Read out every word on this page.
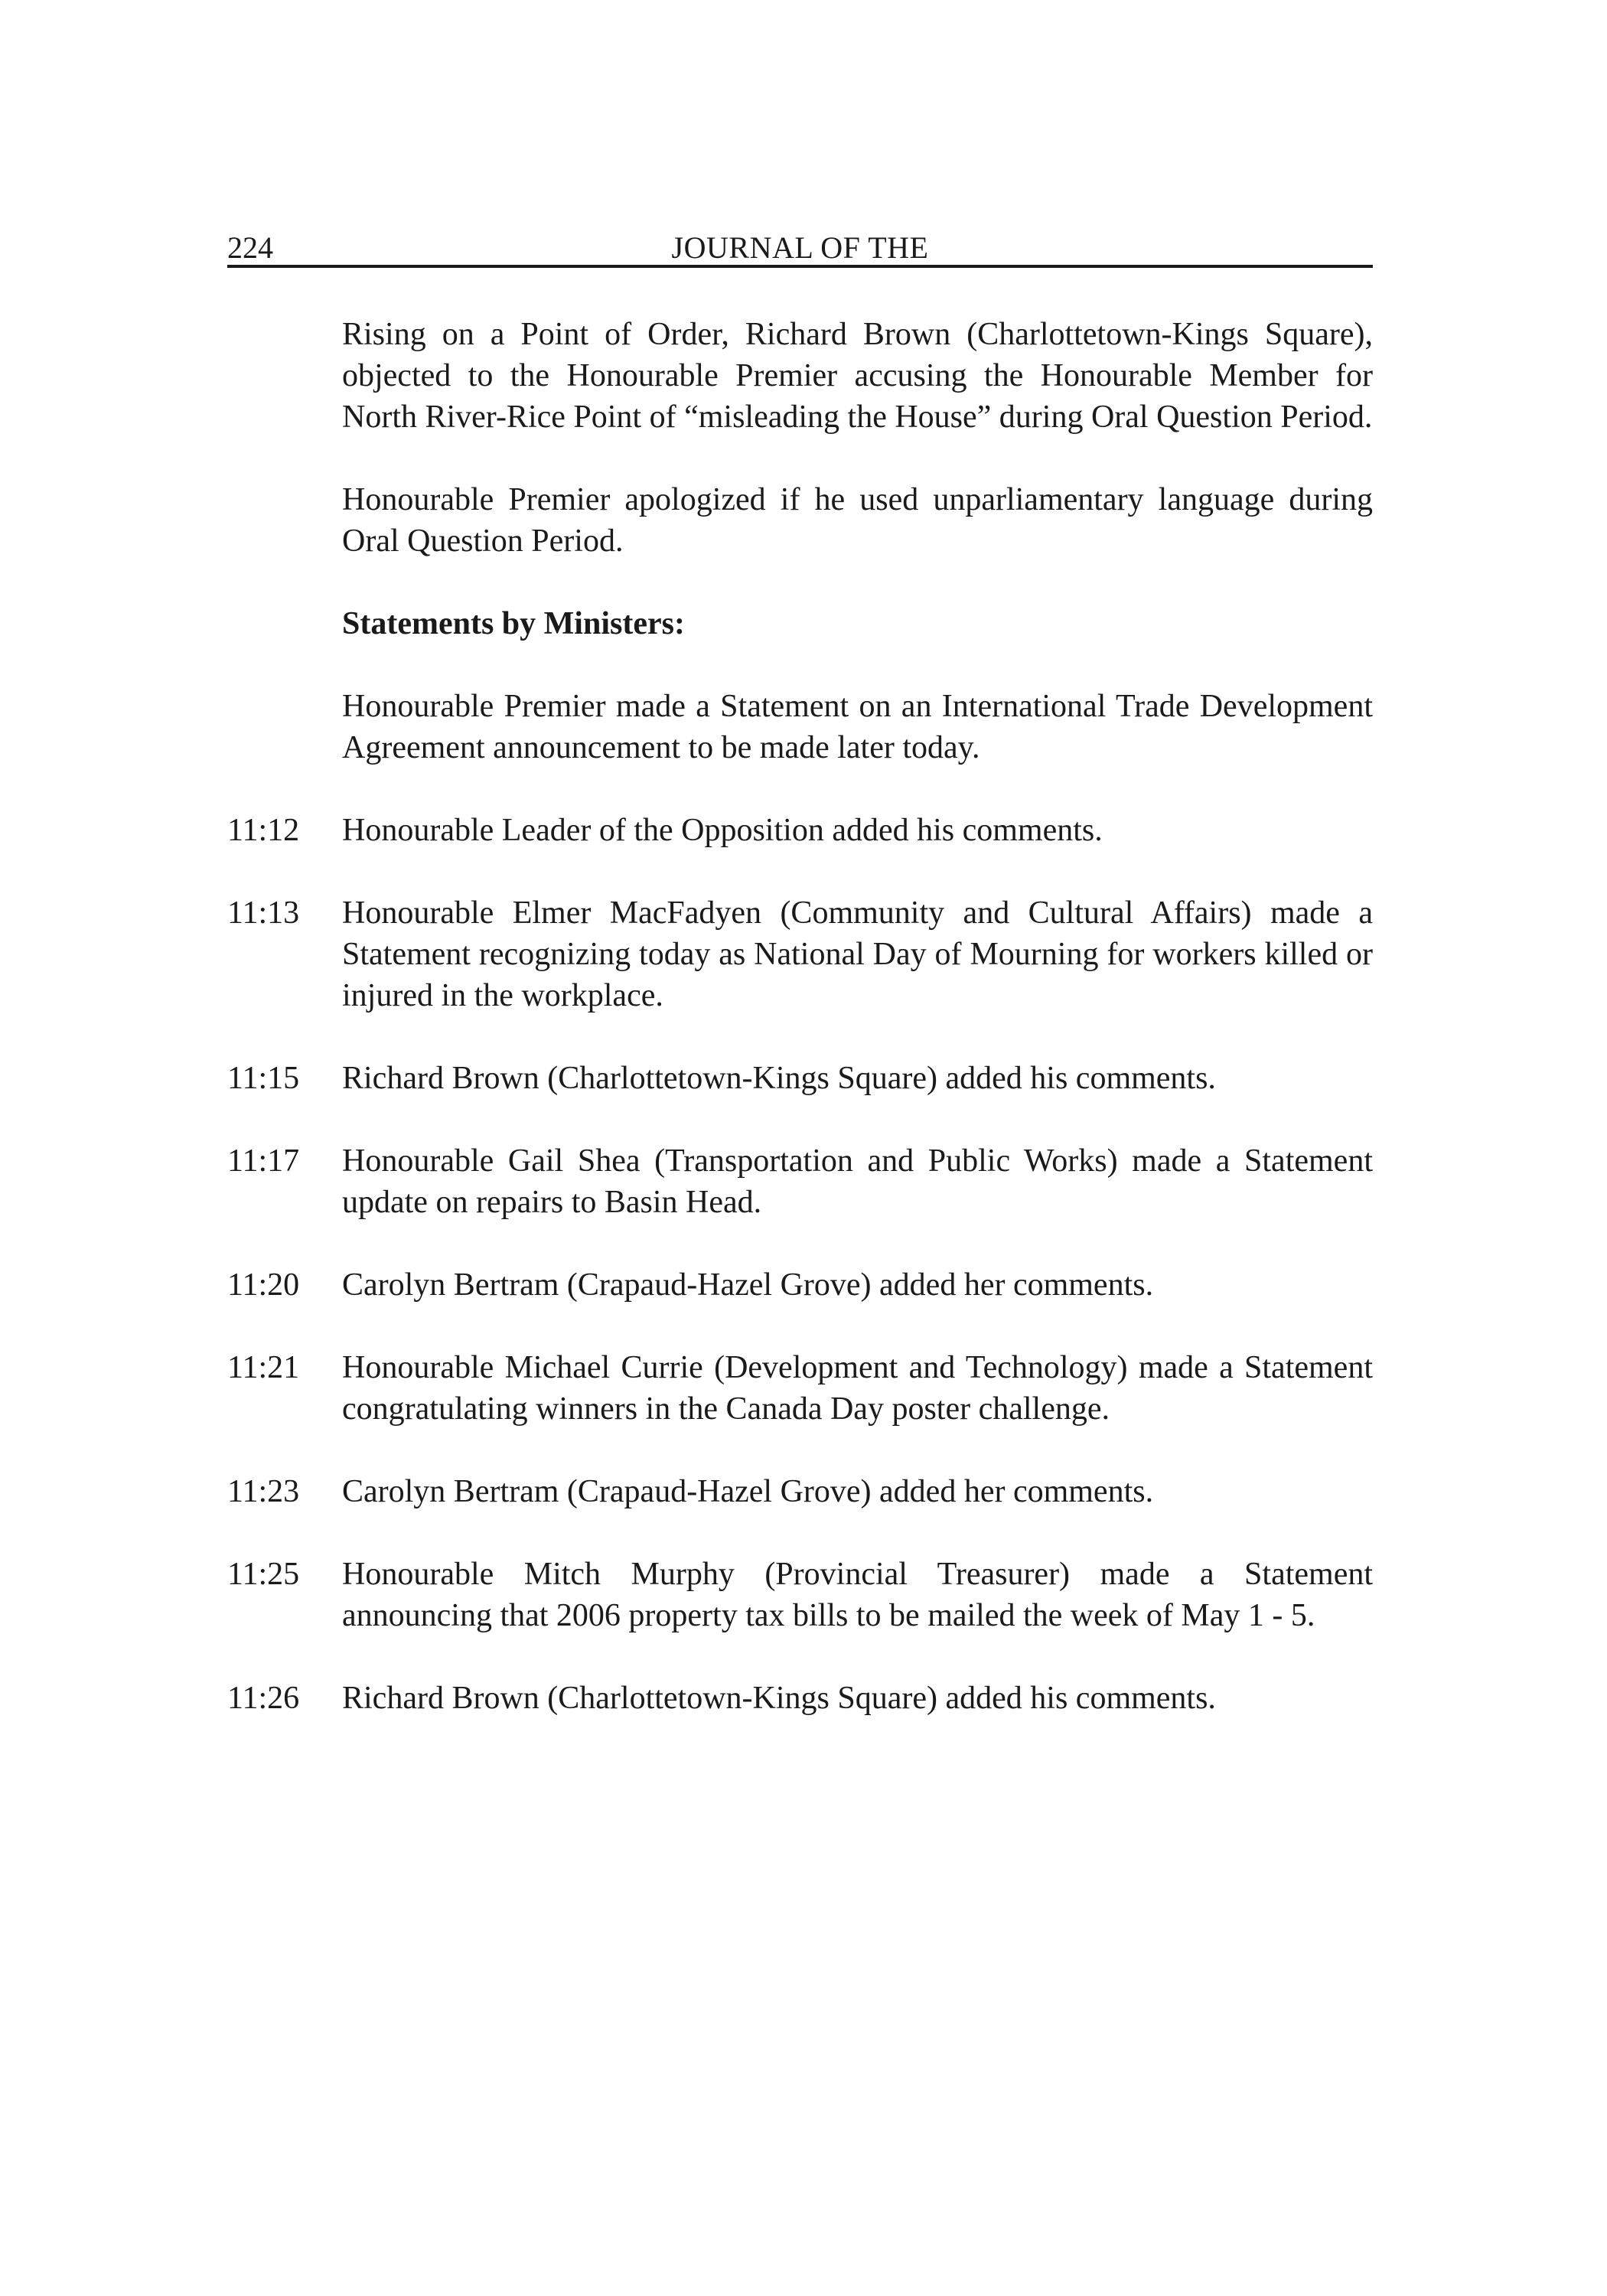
224	JOURNAL OF THE

Rising on a Point of Order, Richard Brown (Charlottetown-Kings Square), objected to the Honourable Premier accusing the Honourable Member for North River-Rice Point of “misleading the House” during Oral Question Period.

Honourable Premier apologized if he used unparliamentary language during Oral Question Period.

Statements by Ministers:

Honourable Premier made a Statement on an International Trade Development Agreement announcement to be made later today.

11:12	Honourable Leader of the Opposition added his comments.
11:13	Honourable Elmer MacFadyen (Community and Cultural Affairs) made a Statement recognizing today as National Day of Mourning for workers killed or injured in the workplace.
11:15	Richard Brown (Charlottetown-Kings Square) added his comments.
11:17	Honourable Gail Shea (Transportation and Public Works) made a Statement update on repairs to Basin Head.
11:20	Carolyn Bertram (Crapaud-Hazel Grove) added her comments.
11:21	Honourable Michael Currie (Development and Technology) made a Statement congratulating winners in the Canada Day poster challenge.
11:23	Carolyn Bertram (Crapaud-Hazel Grove) added her comments.
11:25	Honourable Mitch Murphy (Provincial Treasurer) made a Statement announcing that 2006 property tax bills to be mailed the week of May 1 - 5.
11:26	Richard Brown (Charlottetown-Kings Square) added his comments.
